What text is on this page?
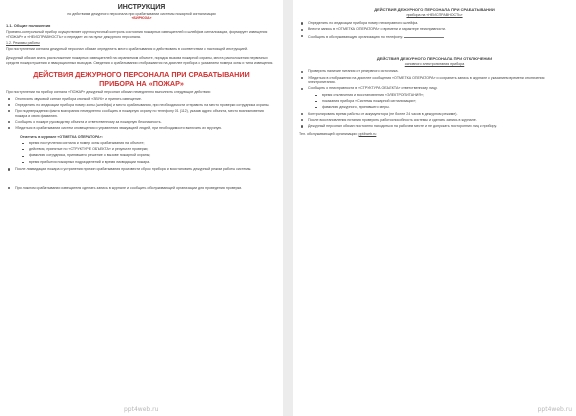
ИНСТРУКЦИЯ
по действиям дежурного персонала при срабатывании системы пожарной сигнализации
«БИРЮЗА»
1.1. Общие положения
Приемно-контрольный прибор осуществляет круглосуточный контроль состояния пожарных извещателей и шлейфов сигнализации, формирует извещения «ПОЖАР» и «НЕИСПРАВНОСТЬ» и передает их на пульт дежурного персонала.
1.2. Режимы работы
При поступлении сигнала дежурный персонал обязан определить место срабатывания и действовать в соответствии с настоящей инструкцией.
Дежурный обязан знать расположение пожарных извещателей на охраняемом объекте, порядок вызова пожарной охраны, места расположения первичных средств пожаротушения и эвакуационных выходов. Сведения о срабатывании отображаются на дисплее прибора с указанием номера зоны и типа извещения.
ДЕЙСТВИЯ ДЕЖУРНОГО ПЕРСОНАЛА ПРИ СРАБАТЫВАНИИ
ПРИБОРА НА «ПОЖАР»
При поступлении на прибор сигнала «ПОЖАР» дежурный персонал обязан немедленно выполнить следующие действия:
Отключить звуковой сигнал прибора кнопкой «ЗВУК» и принять извещение.
Определить по индикации прибора номер зоны (шлейфа) и место срабатывания, при необходимости отправить на место проверки сотрудника охраны.
При подтверждении факта возгорания немедленно сообщить в пожарную охрану по телефону 01 (112), указав адрес объекта, место возникновения пожара и свою фамилию.
Сообщить о пожаре руководству объекта и ответственному за пожарную безопасность.
Убедиться в срабатывании систем оповещения и управления эвакуацией людей, при необходимости включить их вручную.
Отметить в журнале «ОТМЕТКА ОПЕРАТОРА»:
время поступления сигнала и номер зоны срабатывания на объекте;
действия, принятые по «СТРУКТУРЕ ОБЪЕКТА» и результат проверки;
фамилию сотрудника, принявшего решение о вызове пожарной охраны;
время прибытия пожарных подразделений и время ликвидации пожара.
После ликвидации пожара и устранения причин срабатывания произвести сброс прибора и восстановить дежурный режим работы системы.
При ложном срабатывании извещателя сделать запись в журнале и сообщить обслуживающей организации для проведения проверки.
ppt4web.ru
ДЕЙСТВИЯ ДЕЖУРНОГО ПЕРСОНАЛА ПРИ СРАБАТЫВАНИИ
прибора на «НЕИСПРАВНОСТЬ»
Определить по индикации прибора номер неисправного шлейфа.
Внести запись в «ОТМЕТКА ОПЕРАТОРА» о времени и характере неисправности.
Сообщить в обслуживающую организацию по телефону:
ДЕЙСТВИЯ ДЕЖУРНОГО ПЕРСОНАЛА ПРИ ОТКЛЮЧЕНИИ
основного электропитания прибора
Проверить наличие питания от резервного источника.
Убедиться в отображении на дисплее сообщения «ОТМЕТКА ОПЕРАТОРА» и сохранить запись в журнале с указанием времени отключения электропитания.
Сообщить о неисправности в «СТРУКТУРА ОБЪЕКТА» ответственному лицу.
время отключения и восстановления «ЭЛЕКТРОПИТАНИЯ»;
показания прибора «Системы пожарной сигнализации»;
фамилию дежурного, принявшего меры.
Контролировать время работы от аккумулятора (не более 24 часов в дежурном режиме).
После восстановления питания проверить работоспособность системы и сделать запись в журнале.
Дежурный персонал обязан постоянно находиться на рабочем месте и не допускать посторонних лиц к прибору.
Тел. обслуживающей организации: ppt4web.ru
ppt4web.ru
